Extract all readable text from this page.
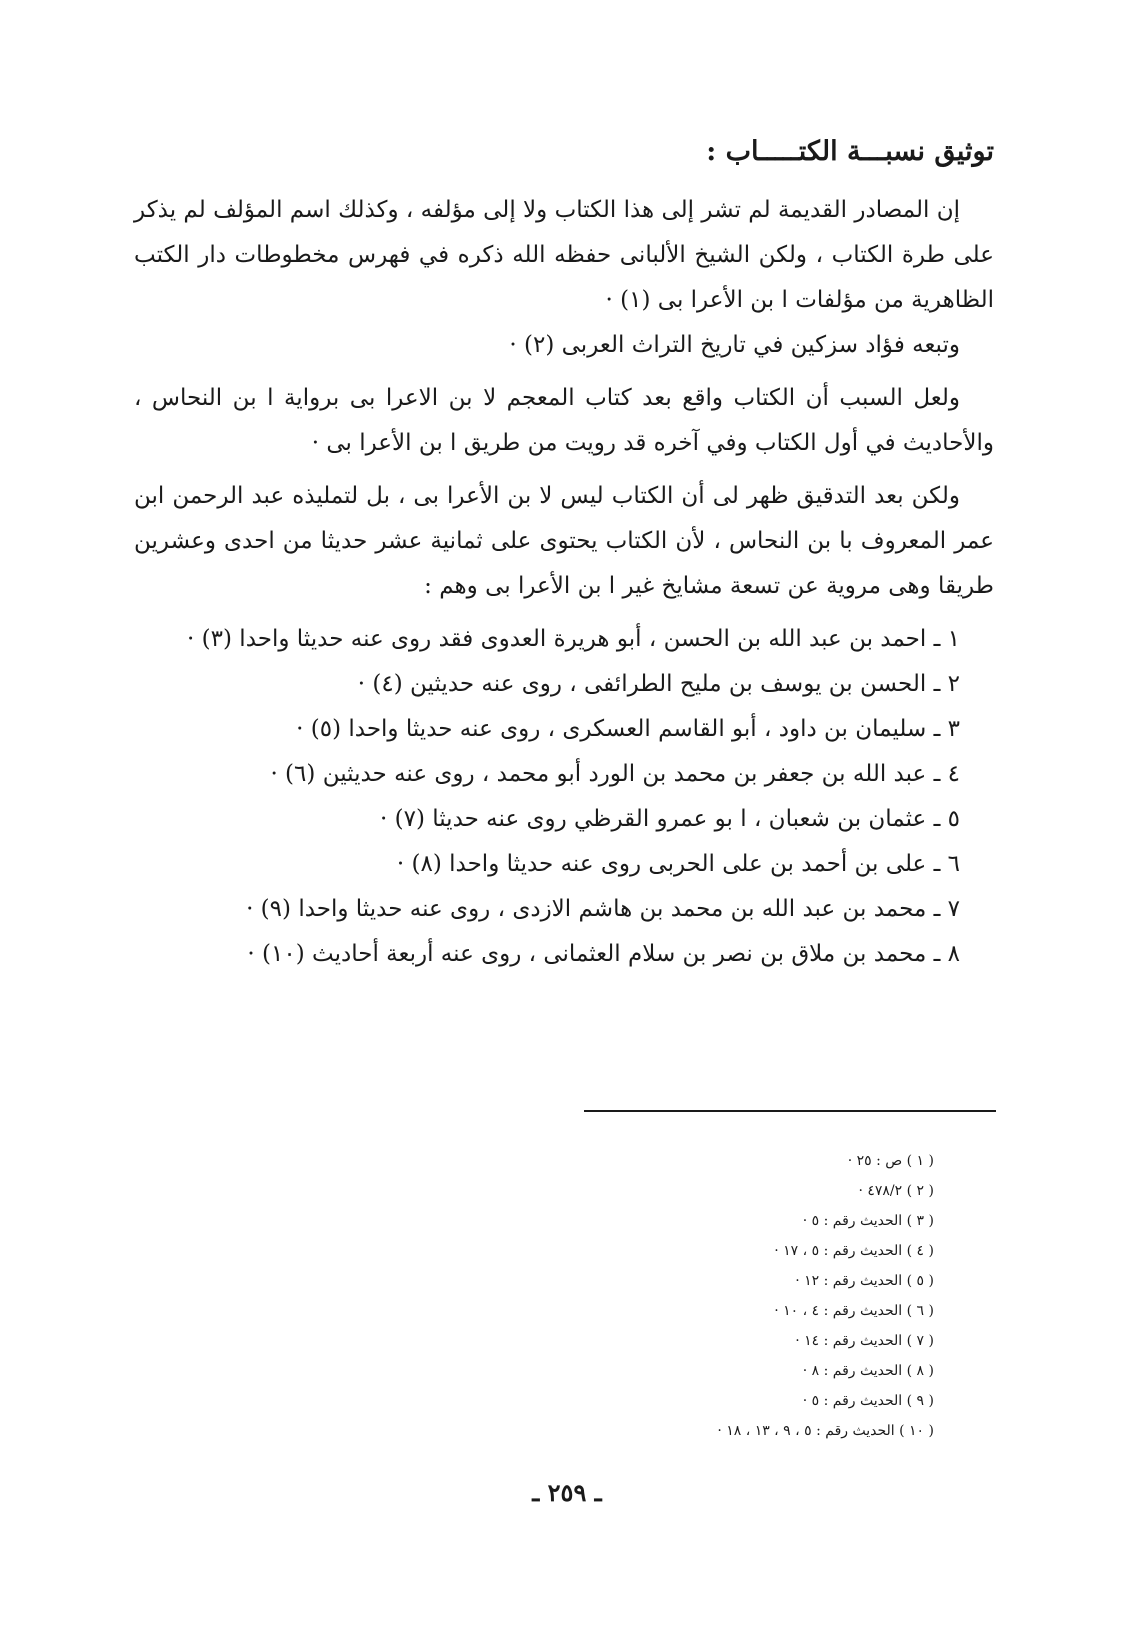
توثيق نسبـــة الكتـــــاب :

إن المصادر القديمة لم تشر إلى هذا الكتاب ولا إلى مؤلفه ، وكذلك اسم المؤلف لم يذكر على طرة الكتاب ، ولكن الشيخ الألبانى حفظه الله ذكره في فهرس مخطوطات دار الكتب الظاهرية من مؤلفات ا بن الأعرا بى (١) ·

وتبعه فؤاد سزكين في تاريخ التراث العربى (٢) ·

ولعل السبب أن الكتاب واقع بعد كتاب المعجم لا بن الاعرا بى برواية ا بن النحاس ، والأحاديث في أول الكتاب وفي آخره قد رويت من طريق ا بن الأعرا بى ·

ولكن بعد التدقيق ظهر لى أن الكتاب ليس لا بن الأعرا بى ، بل لتمليذه عبد الرحمن ابن عمر المعروف با بن النحاس ، لأن الكتاب يحتوى على ثمانية عشر حديثا من احدى وعشرين طريقا وهى مروية عن تسعة مشايخ غير ا بن الأعرا بى وهم :

١ ـ احمد بن عبد الله بن الحسن ، أبو هريرة العدوى فقد روى عنه حديثا واحدا (٣) ·

٢ ـ الحسن بن يوسف بن مليح الطرائفى ، روى عنه حديثين (٤) ·

٣ ـ سليمان بن داود ، أبو القاسم العسكرى ، روى عنه حديثا واحدا (٥) ·

٤ ـ عبد الله بن جعفر بن محمد بن الورد أبو محمد ، روى عنه حديثين (٦) ·

٥ ـ عثمان بن شعبان ، ا بو عمرو القرظي روى عنه حديثا (٧) ·

٦ ـ على بن أحمد بن على الحربى روى عنه حديثا واحدا (٨) ·

٧ ـ محمد بن عبد الله بن محمد بن هاشم الازدى ، روى عنه حديثا واحدا (٩) ·

٨ ـ محمد بن ملاق بن نصر بن سلام العثمانى ، روى عنه أربعة أحاديث (١٠) ·

( ١ ) ص : ٢٥ ·
( ٢ ) ٤٧٨/٢ ·
( ٣ ) الحديث رقم : ٥ ·
( ٤ ) الحديث رقم : ٥ ، ١٧ ·
( ٥ ) الحديث رقم : ١٢ ·
( ٦ ) الحديث رقم : ٤ ، ١٠ ·
( ٧ ) الحديث رقم : ١٤ ·
( ٨ ) الحديث رقم : ٨ ·
( ٩ ) الحديث رقم : ٥ ·
( ١٠ ) الحديث رقم : ٥ ، ٩ ، ١٣ ، ١٨ ·
ـ ٢٥٩ ـ
